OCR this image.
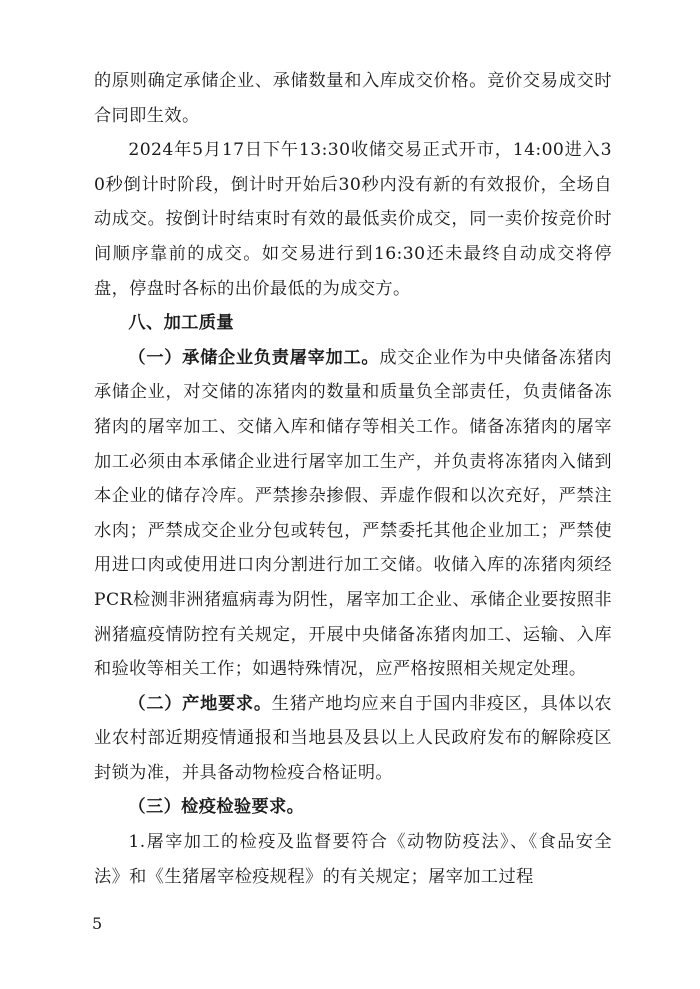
的原则确定承储企业、承储数量和入库成交价格。竞价交易成交时合同即生效。

2024年5月17日下午13:30收储交易正式开市，14:00进入30秒倒计时阶段，倒计时开始后30秒内没有新的有效报价，全场自动成交。按倒计时结束时有效的最低卖价成交，同一卖价按竞价时间顺序靠前的成交。如交易进行到16:30还未最终自动成交将停盘，停盘时各标的出价最低的为成交方。

八、加工质量

（一）承储企业负责屠宰加工。成交企业作为中央储备冻猪肉承储企业，对交储的冻猪肉的数量和质量负全部责任，负责储备冻猪肉的屠宰加工、交储入库和储存等相关工作。储备冻猪肉的屠宰加工必须由本承储企业进行屠宰加工生产，并负责将冻猪肉入储到本企业的储存冷库。严禁掺杂掺假、弄虚作假和以次充好，严禁注水肉；严禁成交企业分包或转包，严禁委托其他企业加工；严禁使用进口肉或使用进口肉分割进行加工交储。收储入库的冻猪肉须经PCR检测非洲猪瘟病毒为阴性，屠宰加工企业、承储企业要按照非洲猪瘟疫情防控有关规定，开展中央储备冻猪肉加工、运输、入库和验收等相关工作；如遇特殊情况，应严格按照相关规定处理。

（二）产地要求。生猪产地均应来自于国内非疫区，具体以农业农村部近期疫情通报和当地县及县以上人民政府发布的解除疫区封锁为准，并具备动物检疫合格证明。

（三）检疫检验要求。

1.屠宰加工的检疫及监督要符合《动物防疫法》、《食品安全法》和《生猪屠宰检疫规程》的有关规定；屠宰加工过程

5
